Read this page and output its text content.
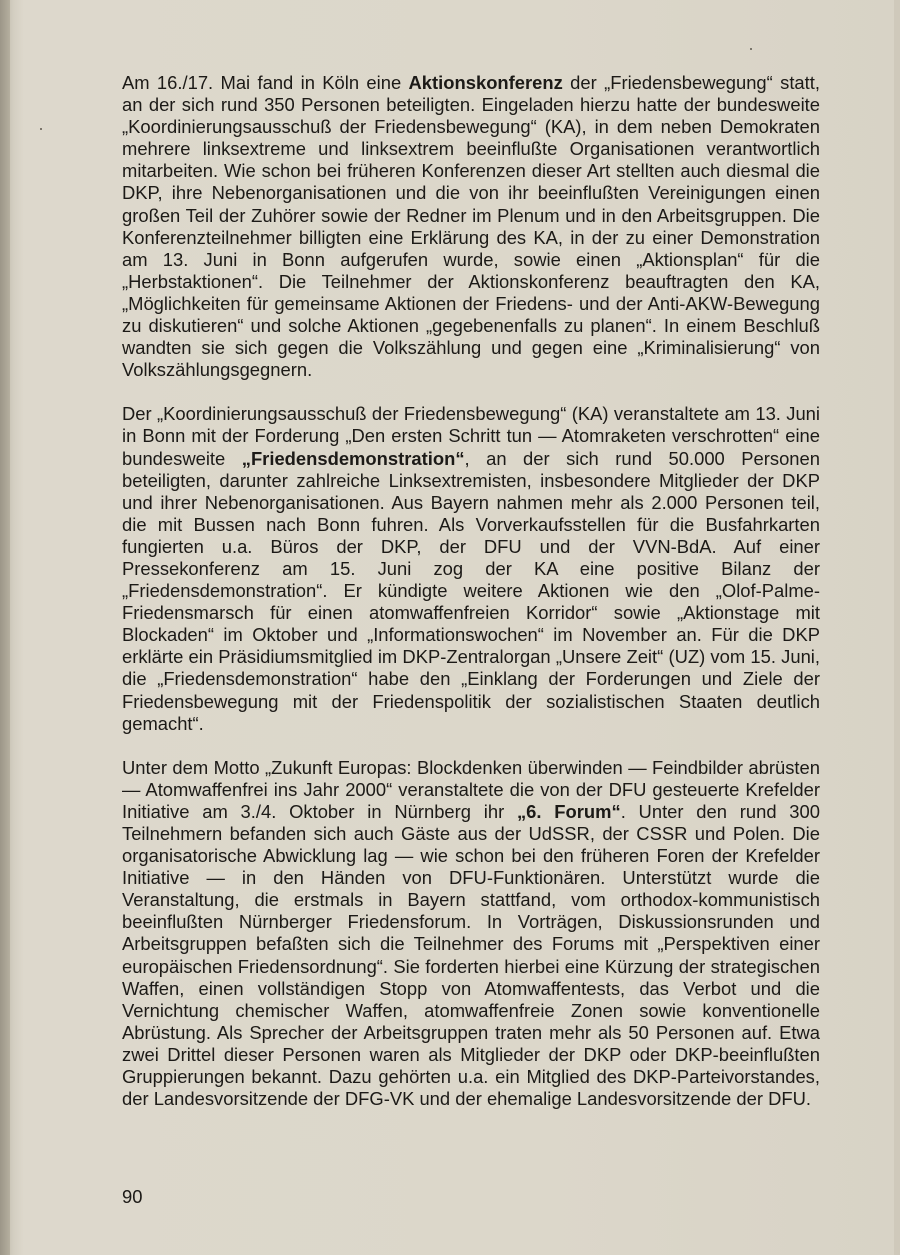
Am 16./17. Mai fand in Köln eine Aktionskonferenz der „Friedensbewegung“ statt, an der sich rund 350 Personen beteiligten. Eingeladen hierzu hatte der bundesweite „Koordinierungsausschuß der Friedensbewegung“ (KA), in dem neben Demokraten mehrere linksextreme und linksextrem beeinflußte Organisationen verantwortlich mitarbeiten. Wie schon bei früheren Konferenzen dieser Art stellten auch diesmal die DKP, ihre Nebenorganisationen und die von ihr beeinflußten Vereinigungen einen großen Teil der Zuhörer sowie der Redner im Plenum und in den Arbeitsgruppen. Die Konferenzteilnehmer billigten eine Erklärung des KA, in der zu einer Demonstration am 13. Juni in Bonn aufgerufen wurde, sowie einen „Aktionsplan“ für die „Herbstaktionen“. Die Teilnehmer der Aktionskonferenz beauftragten den KA, „Möglichkeiten für gemeinsame Aktionen der Friedens- und der Anti-AKW-Bewegung zu diskutieren“ und solche Aktionen „gegebenenfalls zu planen“. In einem Beschluß wandten sie sich gegen die Volkszählung und gegen eine „Kriminalisierung“ von Volkszählungsgegnern.

Der „Koordinierungsausschuß der Friedensbewegung“ (KA) veranstaltete am 13. Juni in Bonn mit der Forderung „Den ersten Schritt tun — Atomraketen verschrotten“ eine bundesweite „Friedensdemonstration“, an der sich rund 50.000 Personen beteiligten, darunter zahlreiche Linksextremisten, insbesondere Mitglieder der DKP und ihrer Nebenorganisationen. Aus Bayern nahmen mehr als 2.000 Personen teil, die mit Bussen nach Bonn fuhren. Als Vorverkaufsstellen für die Busfahrkarten fungierten u.a. Büros der DKP, der DFU und der VVN-BdA. Auf einer Pressekonferenz am 15. Juni zog der KA eine positive Bilanz der „Friedensdemonstration“. Er kündigte weitere Aktionen wie den „Olof-Palme-Friedensmarsch für einen atomwaffenfreien Korridor“ sowie „Aktionstage mit Blockaden“ im Oktober und „Informationswochen“ im November an. Für die DKP erklärte ein Präsidiumsmitglied im DKP-Zentralorgan „Unsere Zeit“ (UZ) vom 15. Juni, die „Friedensdemonstration“ habe den „Einklang der Forderungen und Ziele der Friedensbewegung mit der Friedenspolitik der sozialistischen Staaten deutlich gemacht“.

Unter dem Motto „Zukunft Europas: Blockdenken überwinden — Feindbilder abrüsten — Atomwaffenfrei ins Jahr 2000“ veranstaltete die von der DFU gesteuerte Krefelder Initiative am 3./4. Oktober in Nürnberg ihr „6. Forum“. Unter den rund 300 Teilnehmern befanden sich auch Gäste aus der UdSSR, der CSSR und Polen. Die organisatorische Abwicklung lag — wie schon bei den früheren Foren der Krefelder Initiative — in den Händen von DFU-Funktionären. Unterstützt wurde die Veranstaltung, die erstmals in Bayern stattfand, vom orthodox-kommunistisch beeinflußten Nürnberger Friedensforum. In Vorträgen, Diskussionsrunden und Arbeitsgruppen befaßten sich die Teilnehmer des Forums mit „Perspektiven einer europäischen Friedensordnung“. Sie forderten hierbei eine Kürzung der strategischen Waffen, einen vollständigen Stopp von Atomwaffentests, das Verbot und die Vernichtung chemischer Waffen, atomwaffenfreie Zonen sowie konventionelle Abrüstung. Als Sprecher der Arbeitsgruppen traten mehr als 50 Personen auf. Etwa zwei Drittel dieser Personen waren als Mitglieder der DKP oder DKP-beeinflußten Gruppierungen bekannt. Dazu gehörten u.a. ein Mitglied des DKP-Parteivorstandes, der Landesvorsitzende der DFG-VK und der ehemalige Landesvorsitzende der DFU.

90
